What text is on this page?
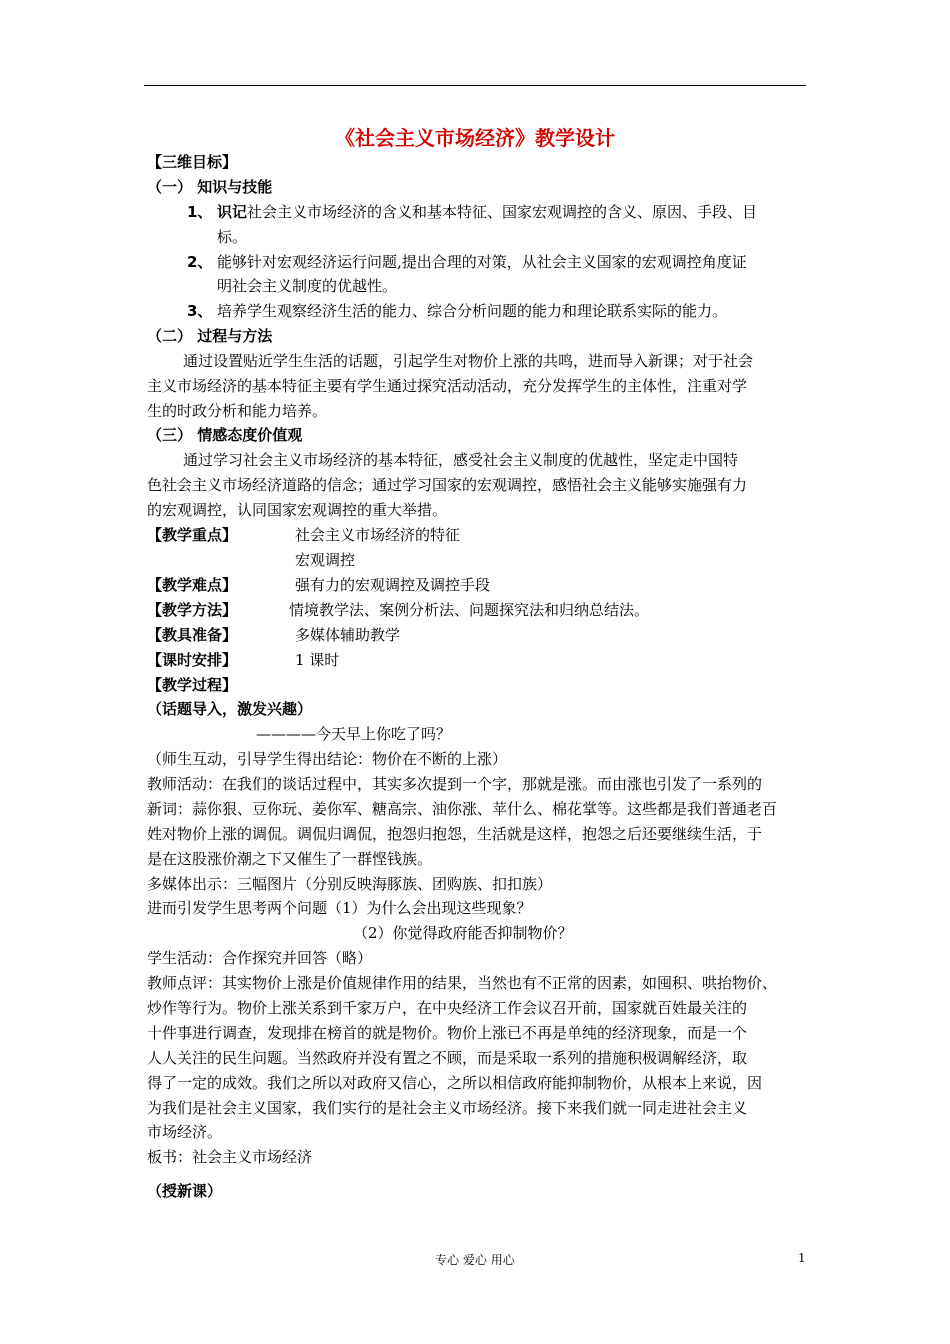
《社会主义市场经济》教学设计
【三维目标】
（一） 知识与技能
1、 识记社会主义市场经济的含义和基本特征、国家宏观调控的含义、原因、手段、目
标。
2、 能够针对宏观经济运行问题,提出合理的对策，从社会主义国家的宏观调控角度证
明社会主义制度的优越性。
3、 培养学生观察经济生活的能力、综合分析问题的能力和理论联系实际的能力。
（二） 过程与方法
通过设置贴近学生生活的话题，引起学生对物价上涨的共鸣，进而导入新课；对于社会
主义市场经济的基本特征主要有学生通过探究活动活动，充分发挥学生的主体性，注重对学
生的时政分析和能力培养。
（三） 情感态度价值观
通过学习社会主义市场经济的基本特征，感受社会主义制度的优越性，坚定走中国特
色社会主义市场经济道路的信念；通过学习国家的宏观调控，感悟社会主义能够实施强有力
的宏观调控，认同国家宏观调控的重大举措。
【教学重点】	社会主义市场经济的特征
宏观调控
【教学难点】	强有力的宏观调控及调控手段
【教学方法】	情境教学法、案例分析法、问题探究法和归纳总结法。
【教具准备】	多媒体辅助教学
【课时安排】	1 课时
【教学过程】
（话题导入，激发兴趣）
————今天早上你吃了吗？
（师生互动，引导学生得出结论：物价在不断的上涨）
教师活动：在我们的谈话过程中，其实多次提到一个字，那就是涨。而由涨也引发了一系列的
新词：蒜你狠、豆你玩、姜你军、糖高宗、油你涨、苹什么、棉花掌等。这些都是我们普通老百
姓对物价上涨的调侃。调侃归调侃，抱怨归抱怨，生活就是这样，抱怨之后还要继续生活，于
是在这股涨价潮之下又催生了一群悭钱族。
多媒体出示：三幅图片（分别反映海豚族、团购族、扣扣族）
进而引发学生思考两个问题（1）为什么会出现这些现象？
（2）你觉得政府能否抑制物价？
学生活动：合作探究并回答（略）
教师点评：其实物价上涨是价值规律作用的结果，当然也有不正常的因素，如囤积、哄抬物价、
炒作等行为。物价上涨关系到千家万户，在中央经济工作会议召开前，国家就百姓最关注的
十件事进行调查，发现排在榜首的就是物价。物价上涨已不再是单纯的经济现象，而是一个
人人关注的民生问题。当然政府并没有置之不顾，而是采取一系列的措施积极调解经济，取
得了一定的成效。我们之所以对政府又信心，之所以相信政府能抑制物价，从根本上来说，因
为我们是社会主义国家，我们实行的是社会主义市场经济。接下来我们就一同走进社会主义
市场经济。
板书：社会主义市场经济
（授新课）
专心 爱心 用心	1
